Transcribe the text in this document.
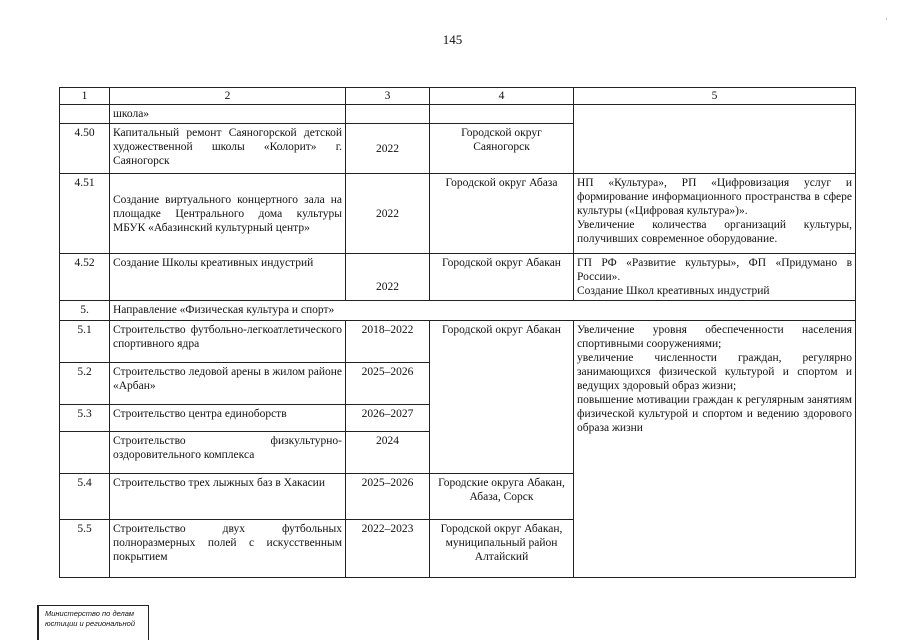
145
·
1	2	3	4	5
	школа»			
4.50	Капитальный ремонт Саяногорской детской художественной школы «Колорит» г. Саяногорск	2022	Городской округ Саяногорск	
4.51	Создание виртуального концертного зала на площадке Центрального дома культуры МБУК «Абазинский культурный центр»	2022	Городской округ Абаза	НП «Культура», РП «Цифровизация услуг и формирование информационного пространства в сфере культуры («Цифровая культура»)».
Увеличение количества организаций культуры, получивших современное оборудование.
4.52	Создание Школы креативных индустрий	2022	Городской округ Абакан	ГП РФ «Развитие культуры», ФП «Придумано в России».
Создание Школ креативных индустрий
5.	Направление «Физическая культура и спорт»			
5.1	Строительство футбольно-легкоатлетического спортивного ядра	2018–2022	Городской округ Абакан	Увеличение уровня обеспеченности населения спортивными сооружениями;
увеличение численности граждан, регулярно занимающихся физической культурой и спортом и ведущих здоровый образ жизни;
повышение мотивации граждан к регулярным занятиям физической культурой и спортом и ведению здорового образа жизни
5.2	Строительство ледовой арены в жилом районе «Арбан»	2025–2026		
5.3	Строительство центра единоборств	2026–2027		
	Строительство физкультурно-оздоровительного комплекса	2024		
5.4	Строительство трех лыжных баз в Хакасии	2025–2026	Городские округа Абакан, Абаза, Сорск	
5.5	Строительство двух футбольных полноразмерных полей с искусственным покрытием	2022–2023	Городской округ Абакан, муниципальный район Алтайский	
Министерство по делам
юстиции и региональной
